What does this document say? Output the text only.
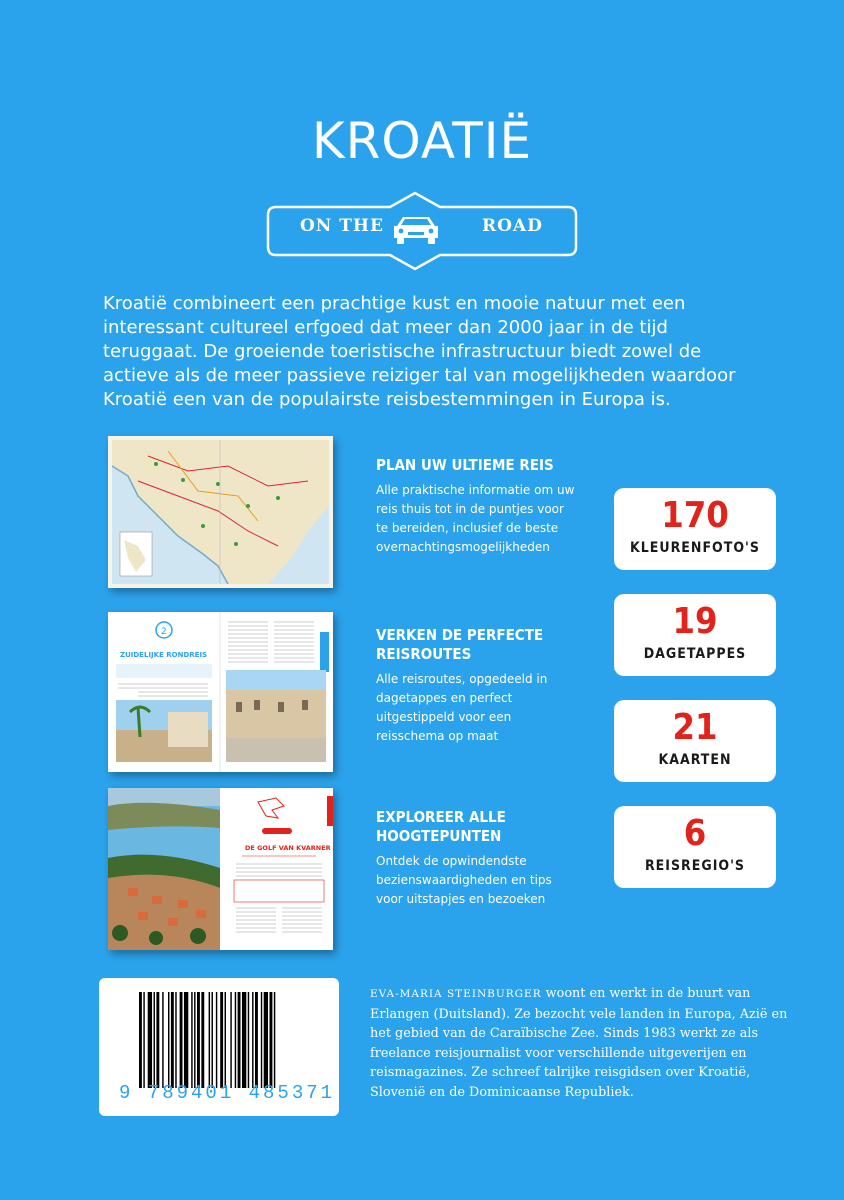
KROATIË
ON THE	ROAD
Kroatië combineert een prachtige kust en mooie natuur met een interessant cultureel erfgoed dat meer dan 2000 jaar in de tijd teruggaat. De groeiende toeristische infrastructuur biedt zowel de actieve als de meer passieve reiziger tal van mogelijkheden waardoor Kroatië een van de populairste reisbestemmingen in Europa is.
2
ZUIDELIJKE RONDREIS
DE GOLF VAN KVARNER
PLAN UW ULTIEME REIS

Alle praktische informatie om uw reis thuis tot in de puntjes voor te bereiden, inclusief de beste overnachtingsmogelijkheden

VERKEN DE PERFECTE REISROUTES

Alle reisroutes, opgedeeld in dagetappes en perfect uitgestippeld voor een reisschema op maat

EXPLOREER ALLE HOOGTEPUNTEN

Ontdek de opwindendste bezienswaardigheden en tips voor uitstapjes en bezoeken

170
KLEURENFOTO'S
19
DAGETAPPES
21
KAARTEN
6
REISREGIO'S
9 789401 485371
EVA-MARIA STEINBURGER woont en werkt in de buurt van Erlangen (Duitsland). Ze bezocht vele landen in Europa, Azië en het gebied van de Caraïbische Zee. Sinds 1983 werkt ze als freelance reisjournalist voor verschillende uitgeverijen en reismagazines. Ze schreef talrijke reisgidsen over Kroatië, Slovenië en de Dominicaanse Republiek.
